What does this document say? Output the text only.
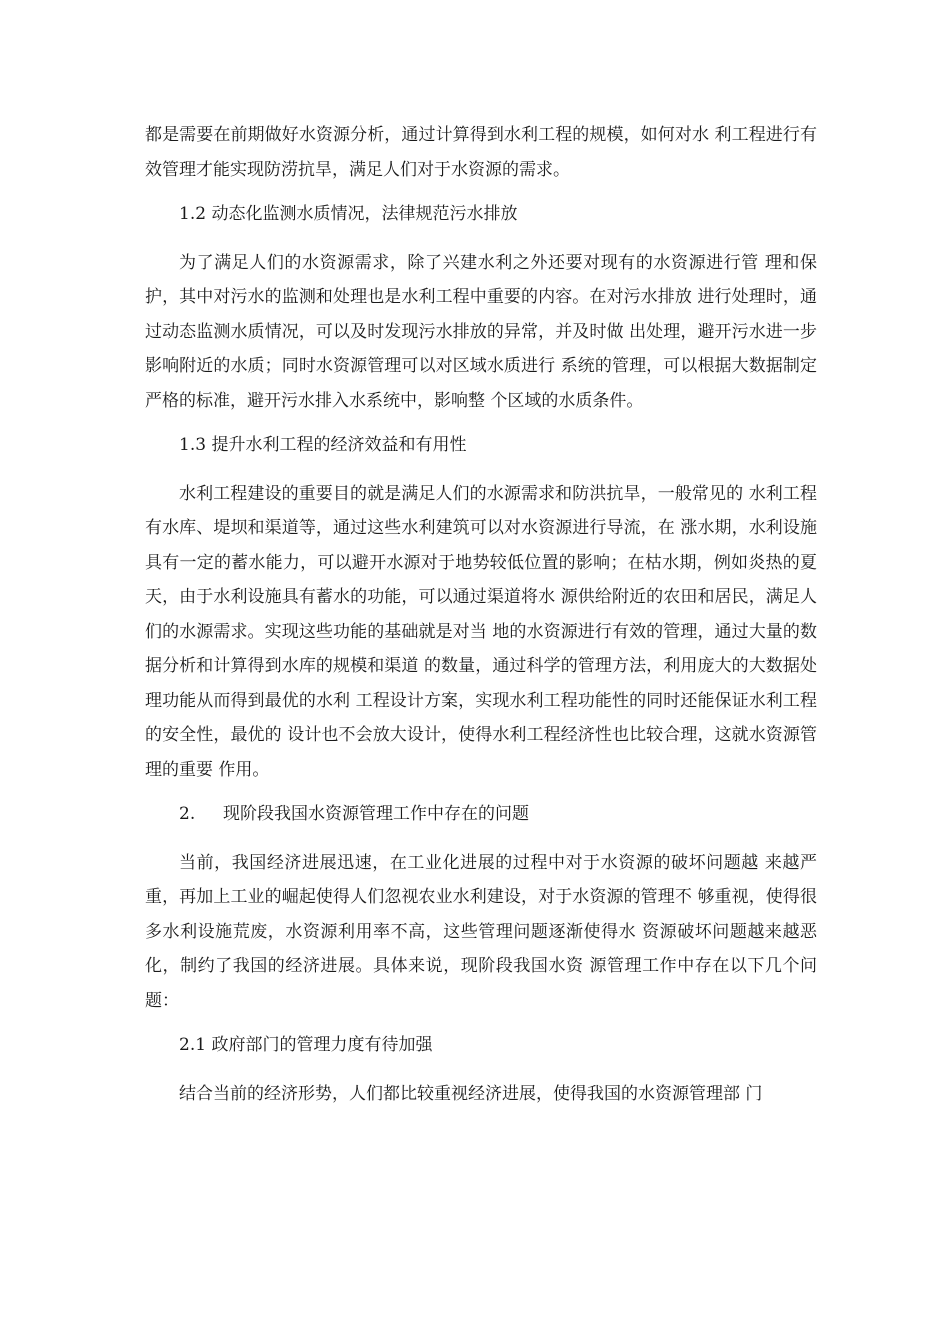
都是需要在前期做好水资源分析，通过计算得到水利工程的规模，如何对水 利工程进行有效管理才能实现防涝抗旱，满足人们对于水资源的需求。

1.2 动态化监测水质情况，法律规范污水排放

为了满足人们的水资源需求，除了兴建水利之外还要对现有的水资源进行管 理和保护，其中对污水的监测和处理也是水利工程中重要的内容。在对污水排放 进行处理时，通过动态监测水质情况，可以及时发现污水排放的异常，并及时做 出处理，避开污水进一步影响附近的水质；同时水资源管理可以对区域水质进行 系统的管理，可以根据大数据制定严格的标准，避开污水排入水系统中，影响整 个区域的水质条件。

1.3 提升水利工程的经济效益和有用性

水利工程建设的重要目的就是满足人们的水源需求和防洪抗旱，一般常见的 水利工程有水库、堤坝和渠道等，通过这些水利建筑可以对水资源进行导流，在 涨水期，水利设施具有一定的蓄水能力，可以避开水源对于地势较低位置的影响；在枯水期，例如炎热的夏天，由于水利设施具有蓄水的功能，可以通过渠道将水 源供给附近的农田和居民，满足人们的水源需求。实现这些功能的基础就是对当 地的水资源进行有效的管理，通过大量的数据分析和计算得到水库的规模和渠道 的数量，通过科学的管理方法，利用庞大的大数据处理功能从而得到最优的水利 工程设计方案，实现水利工程功能性的同时还能保证水利工程的安全性，最优的 设计也不会放大设计，使得水利工程经济性也比较合理，这就水资源管理的重要 作用。

2. 现阶段我国水资源管理工作中存在的问题

当前，我国经济进展迅速，在工业化进展的过程中对于水资源的破坏问题越 来越严重，再加上工业的崛起使得人们忽视农业水利建设，对于水资源的管理不 够重视，使得很多水利设施荒废，水资源利用率不高，这些管理问题逐渐使得水 资源破坏问题越来越恶化，制约了我国的经济进展。具体来说，现阶段我国水资 源管理工作中存在以下几个问题：

2.1 政府部门的管理力度有待加强

结合当前的经济形势，人们都比较重视经济进展，使得我国的水资源管理部 门
